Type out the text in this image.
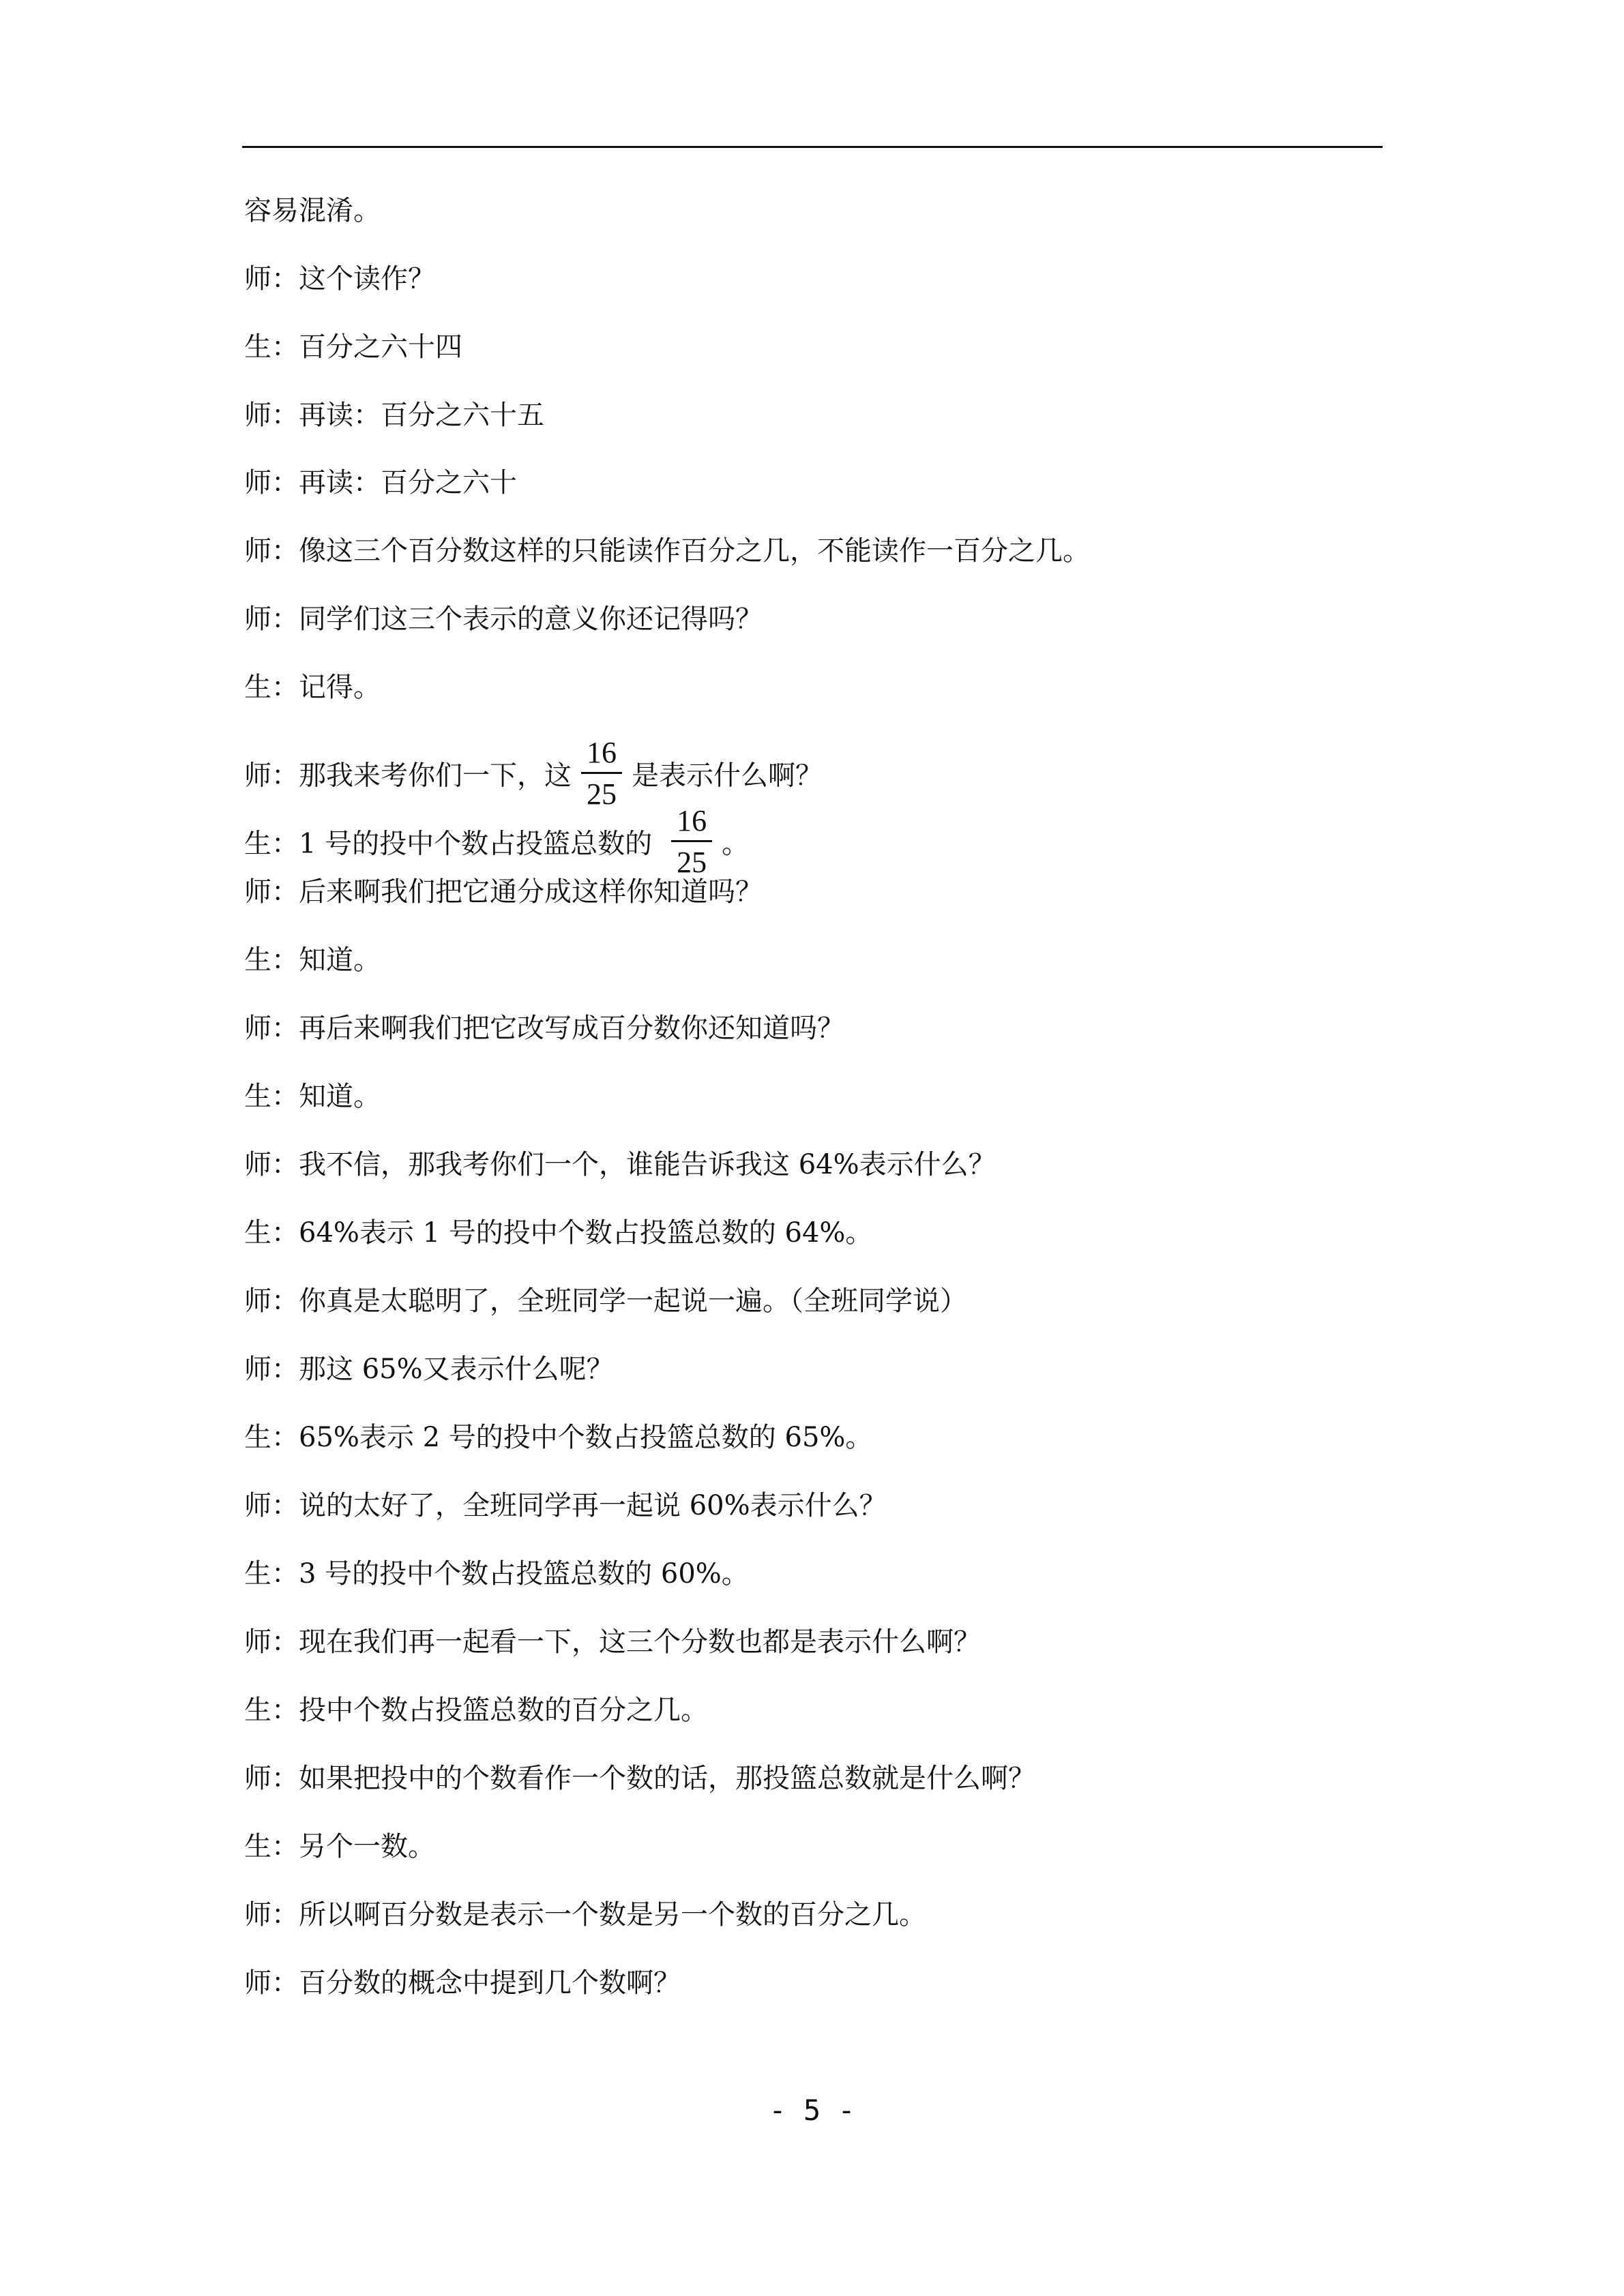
容易混淆。
师：这个读作？
生：百分之六十四
师：再读：百分之六十五
师：再读：百分之六十
师：像这三个百分数这样的只能读作百分之几，不能读作一百分之几。
师：同学们这三个表示的意义你还记得吗？
生：记得。
师：那我来考你们一下，这 $\frac{16}{25}$ 是表示什么啊？
生：1 号的投中个数占投篮总数的 $\frac{16}{25}$ 。
师：后来啊我们把它通分成这样你知道吗？
生：知道。
师：再后来啊我们把它改写成百分数你还知道吗？
生：知道。
师：我不信，那我考你们一个，谁能告诉我这 64%表示什么？
生：64%表示 1 号的投中个数占投篮总数的 64%。
师：你真是太聪明了，全班同学一起说一遍。（全班同学说）
师：那这 65%又表示什么呢？
生：65%表示 2 号的投中个数占投篮总数的 65%。
师：说的太好了，全班同学再一起说 60%表示什么？
生：3 号的投中个数占投篮总数的 60%。
师：现在我们再一起看一下，这三个分数也都是表示什么啊？
生：投中个数占投篮总数的百分之几。
师：如果把投中的个数看作一个数的话，那投篮总数就是什么啊？
生：另个一数。
师：所以啊百分数是表示一个数是另一个数的百分之几。
师：百分数的概念中提到几个数啊？
- 5 -
